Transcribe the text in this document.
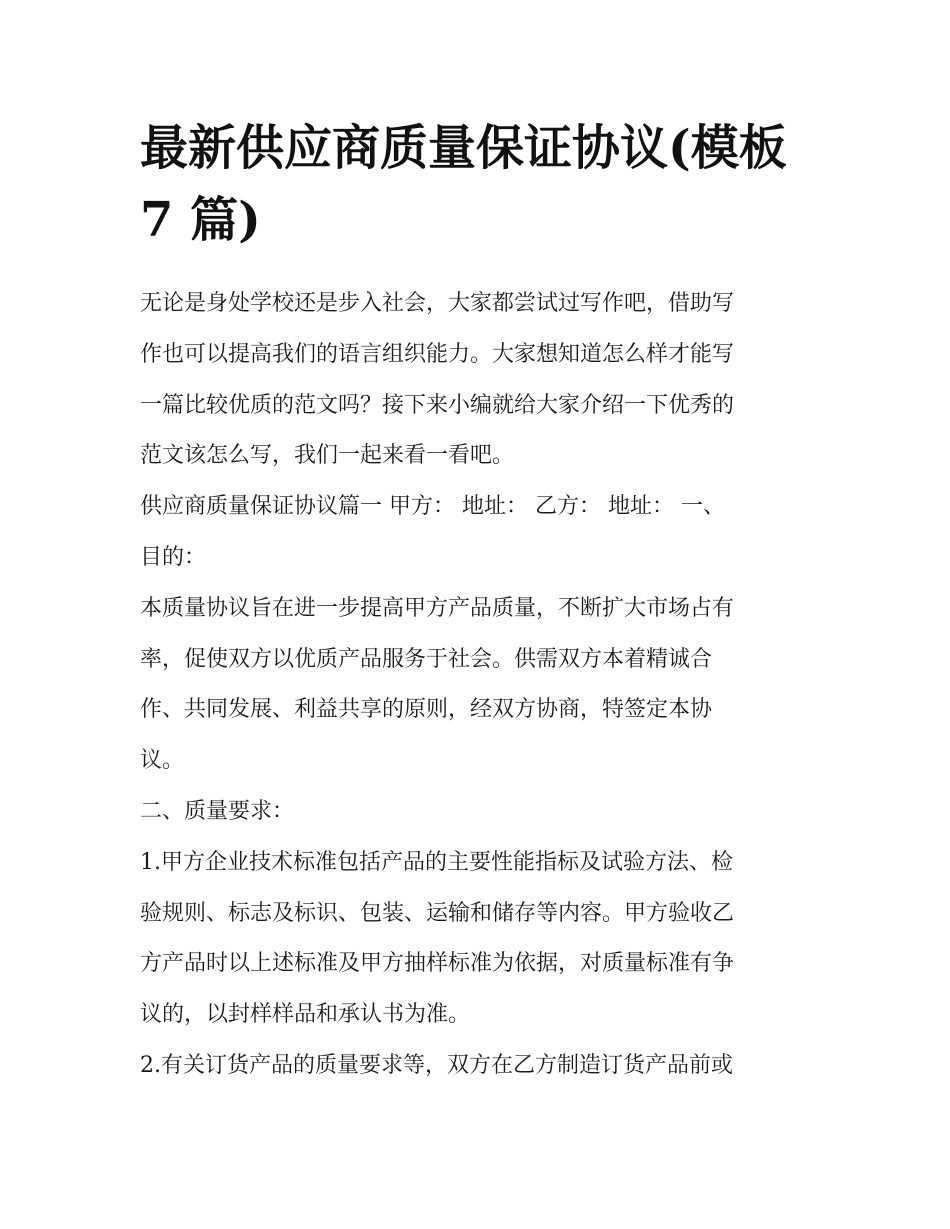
最新供应商质量保证协议(模板
7 篇)

无论是身处学校还是步入社会，大家都尝试过写作吧，借助写
作也可以提高我们的语言组织能力。大家想知道怎么样才能写
一篇比较优质的范文吗？接下来小编就给大家介绍一下优秀的
范文该怎么写，我们一起来看一看吧。

供应商质量保证协议篇一 甲方： 地址： 乙方： 地址： 一、
目的：

本质量协议旨在进一步提高甲方产品质量，不断扩大市场占有
率，促使双方以优质产品服务于社会。供需双方本着精诚合
作、共同发展、利益共享的原则，经双方协商，特签定本协
议。

二、质量要求：

1.甲方企业技术标准包括产品的主要性能指标及试验方法、检
验规则、标志及标识、包装、运输和储存等内容。甲方验收乙
方产品时以上述标准及甲方抽样标准为依据，对质量标准有争
议的，以封样样品和承认书为准。

2.有关订货产品的质量要求等，双方在乙方制造订货产品前或
